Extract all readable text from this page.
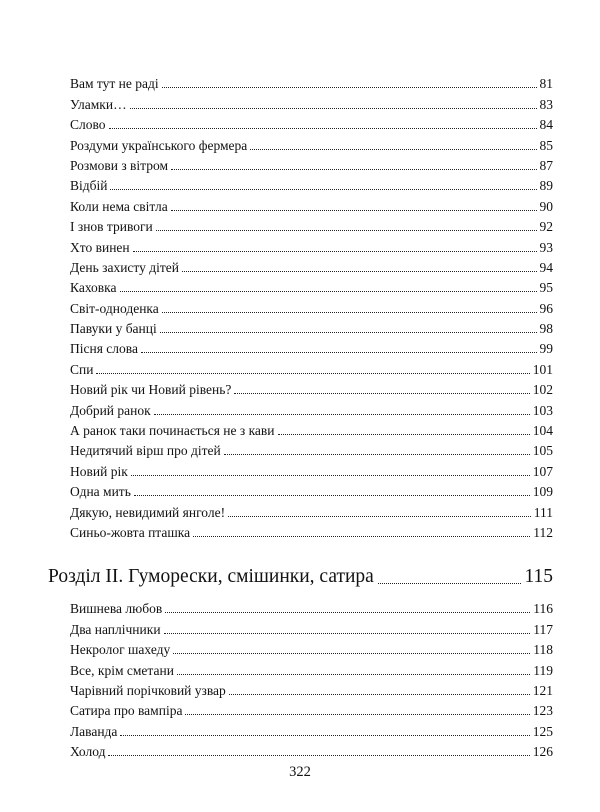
Вам тут не раді	81
Уламки…	83
Слово	84
Роздуми українського фермера	85
Розмови з вітром	87
Відбій	89
Коли нема світла	90
І знов тривоги	92
Хто винен	93
День захисту дітей	94
Каховка	95
Світ-одноденка	96
Павуки у банці	98
Пісня слова	99
Спи	101
Новий рік чи Новий рівень?	102
Добрий ранок	103
А ранок таки починається не з кави	104
Недитячий вірш про дітей	105
Новий рік	107
Одна мить	109
Дякую, невидимий янголе!	111
Синьо-жовта пташка	112
Розділ ІІ. Гуморески, смішинки, сатира	115
Вишнева любов	116
Два наплічники	117
Некролог шахеду	118
Все, крім сметани	119
Чарівний порічковий узвар	121
Сатира про вампіра	123
Лаванда	125
Холод	126
322
